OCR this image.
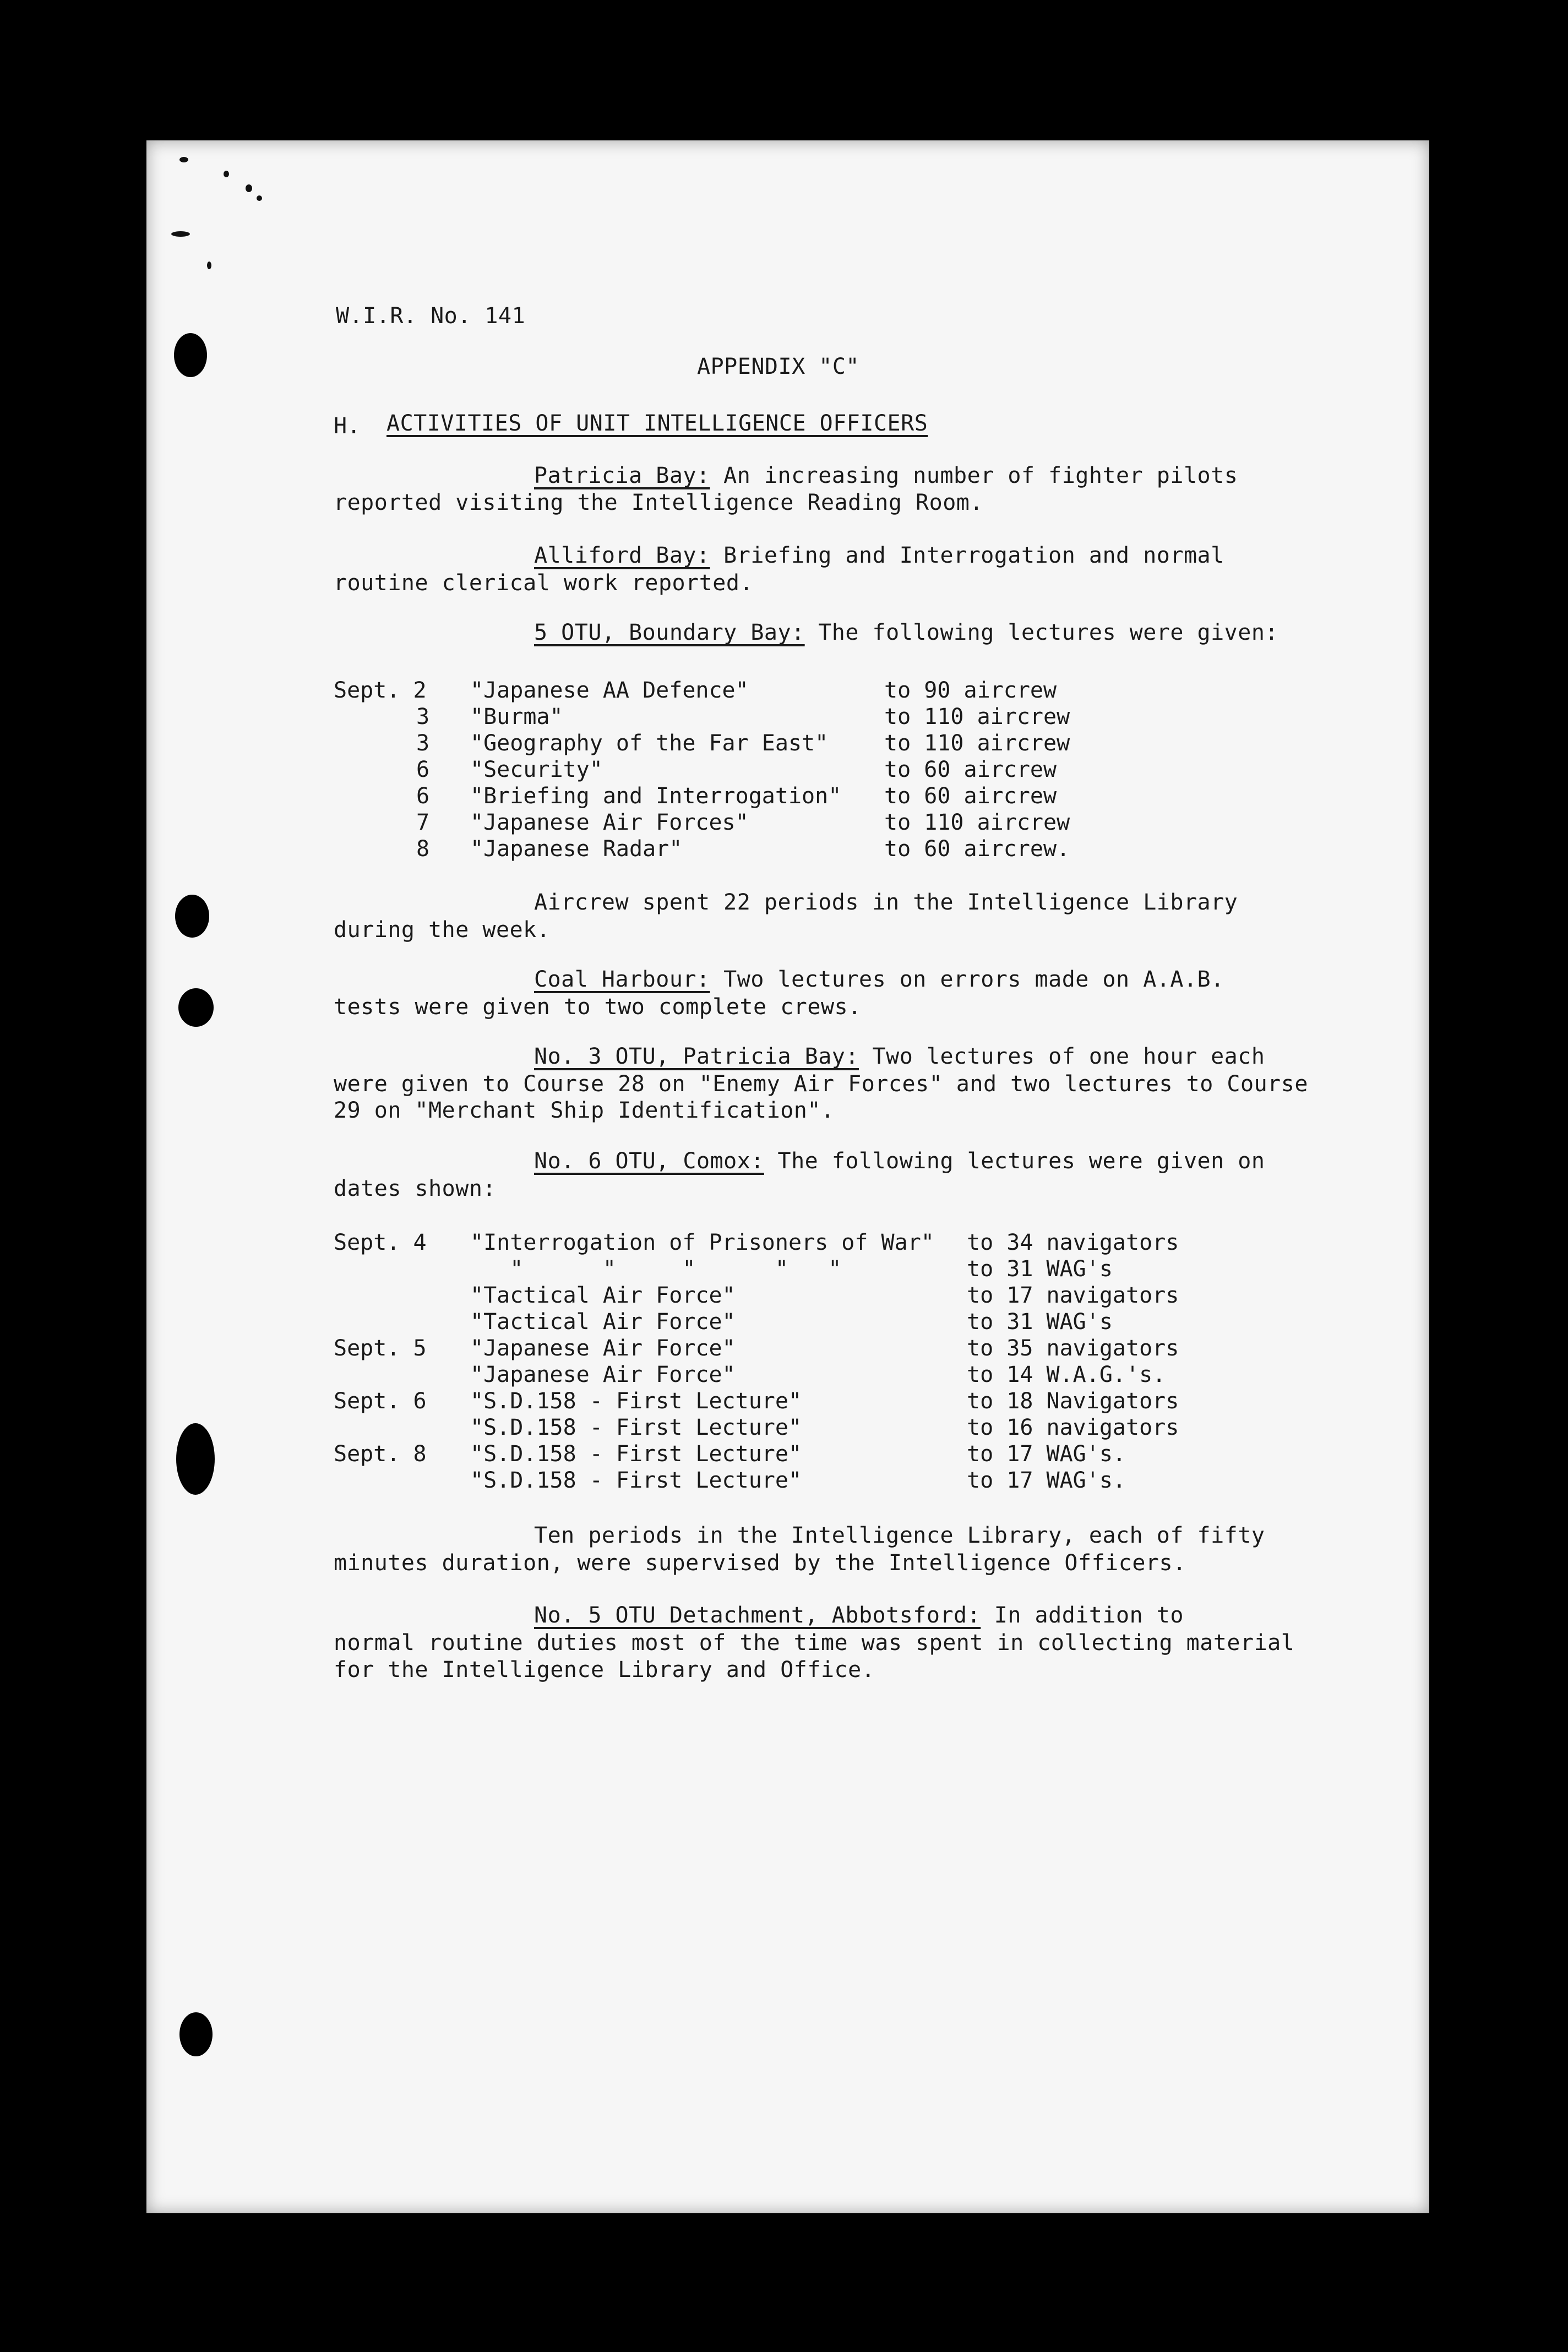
W.I.R. No. 141
APPENDIX "C"
H. ACTIVITIES OF UNIT INTELLIGENCE OFFICERS
Patricia Bay: An increasing number of fighter pilots
reported visiting the Intelligence Reading Room.
Alliford Bay: Briefing and Interrogation and normal
routine clerical work reported.
5 OTU, Boundary Bay: The following lectures were given:
Sept. 2 "Japanese AA Defence"	to 90 aircrew
3 "Burma"	to 110 aircrew
3 "Geography of the Far East"	to 110 aircrew
6 "Security"	to 60 aircrew
6 "Briefing and Interrogation" to 60 aircrew
7 "Japanese Air Forces"	to 110 aircrew
8 "Japanese Radar"	to 60 aircrew.
Aircrew spent 22 periods in the Intelligence Library
during the week.
Coal Harbour: Two lectures on errors made on A.A.B.
tests were given to two complete crews.
No. 3 OTU, Patricia Bay: Two lectures of one hour each
were given to Course 28 on "Enemy Air Forces" and two lectures to Course
29 on "Merchant Ship Identification".
No. 6 OTU, Comox: The following lectures were given on
dates shown:
Sept. 4 "Interrogation of Prisoners of War" to 34 navigators
"      "     "      "   "	to 31 WAG's
"Tactical Air Force"	to 17 navigators
"Tactical Air Force"	to 31 WAG's
Sept. 5 "Japanese Air Force"	to 35 navigators
"Japanese Air Force"	to 14 W.A.G.'s.
Sept. 6 "S.D.158 - First Lecture"	to 18 Navigators
"S.D.158 - First Lecture"	to 16 navigators
Sept. 8 "S.D.158 - First Lecture"	to 17 WAG's.
"S.D.158 - First Lecture"	to 17 WAG's.
Ten periods in the Intelligence Library, each of fifty
minutes duration, were supervised by the Intelligence Officers.
No. 5 OTU Detachment, Abbotsford: In addition to
normal routine duties most of the time was spent in collecting material
for the Intelligence Library and Office.
